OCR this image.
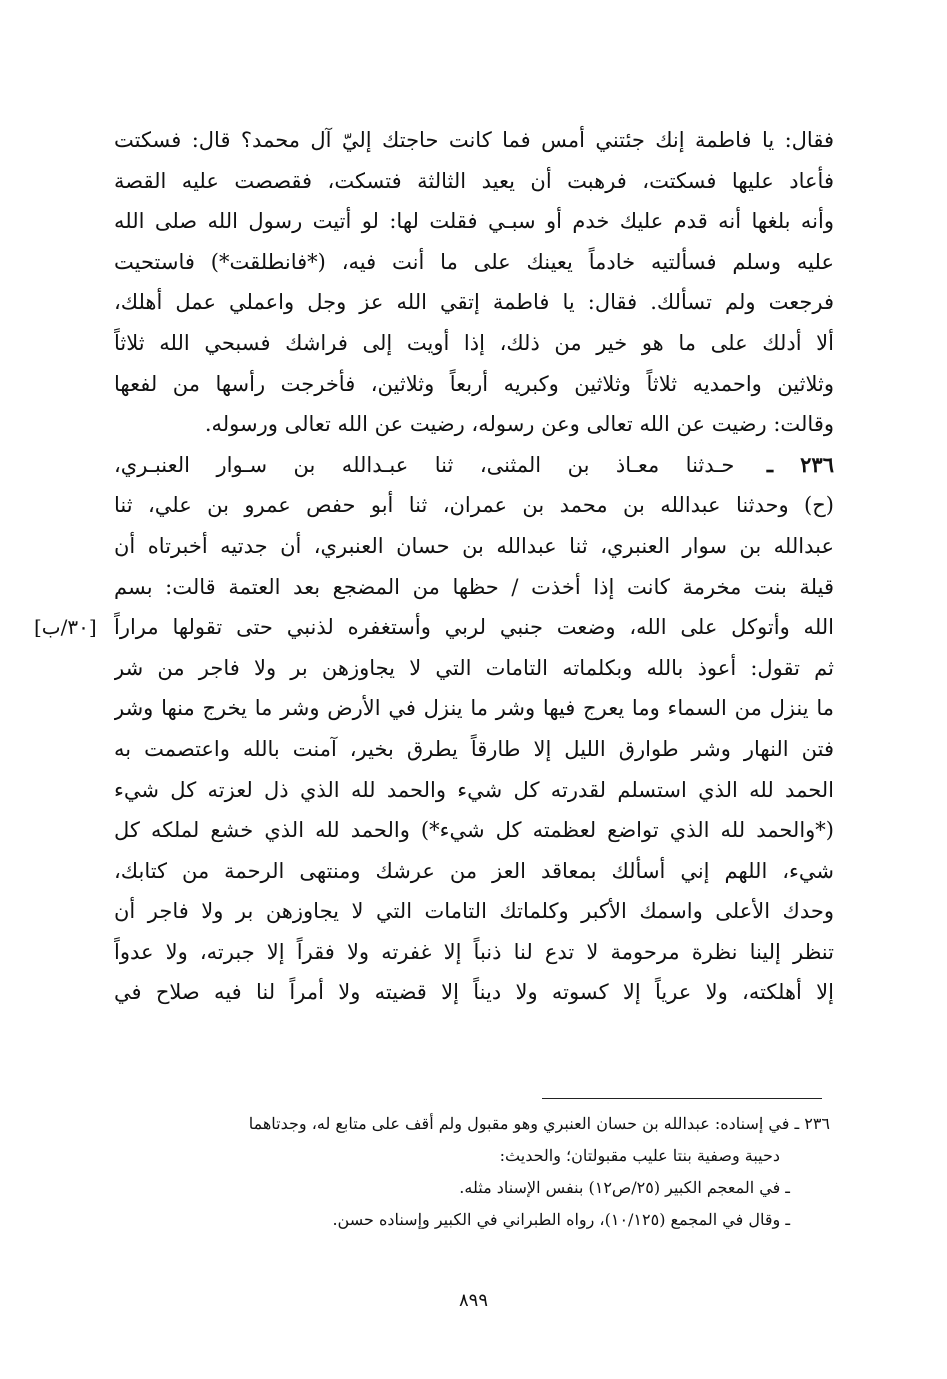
فقال: يا فاطمة إنك جئتني أمس فما كانت حاجتك إليّ آل محمد؟ قال: فسكتت
فأعاد عليها فسكتت، فرهبت أن يعيد الثالثة فتسكت، فقصصت عليه القصة
وأنه بلغها أنه قدم عليك خدم أو سبـي فقلت لها: لو أتيت رسول الله صلى الله
عليه وسلم فسألتيه خادماً يعينك على ما أنت فيه، (*فانطلقت*) فاستحيت
فرجعت ولم تسألك. فقال: يا فاطمة إتقي الله عز وجل واعملي عمل أهلك،
ألا أدلك على ما هو خير من ذلك، إذا أويت إلى فراشك فسبحي الله ثلاثاً
وثلاثين واحمديه ثلاثاً وثلاثين وكبريه أربعاً وثلاثين، فأخرجت رأسها من لفعها
وقالت: رضيت عن الله تعالى وعن رسوله، رضيت عن الله تعالى ورسوله.
٢٣٦ ـ حـدثنا معـاذ بن المثنى، ثنا عبـدالله بن سـوار العنبـري،
(ح) وحدثنا عبدالله بن محمد بن عمران، ثنا أبو حفص عمرو بن علي، ثنا
عبدالله بن سوار العنبري، ثنا عبدالله بن حسان العنبري، أن جدتيه أخبرتاه أن
قيلة بنت مخرمة كانت إذا أخذت / حظها من المضجع بعد العتمة قالت: بسم
الله وأتوكل على الله، وضعت جنبي لربي وأستغفره لذنبي حتى تقولها مراراً
ثم تقول: أعوذ بالله وبكلماته التامات التي لا يجاوزهن بر ولا فاجر من شر
ما ينزل من السماء وما يعرج فيها وشر ما ينزل في الأرض وشر ما يخرج منها وشر
فتن النهار وشر طوارق الليل إلا طارقاً يطرق بخير، آمنت بالله واعتصمت به
الحمد لله الذي استسلم لقدرته كل شيء والحمد لله الذي ذل لعزته كل شيء
(*والحمد لله الذي تواضع لعظمته كل شيء*) والحمد لله الذي خشع لملكه كل
شيء، اللهم إني أسألك بمعاقد العز من عرشك ومنتهى الرحمة من كتابك،
وحدك الأعلى واسمك الأكبر وكلماتك التامات التي لا يجاوزهن بر ولا فاجر أن
تنظر إلينا نظرة مرحومة لا تدع لنا ذنباً إلا غفرته ولا فقراً إلا جبرته، ولا عدواً
إلا أهلكته، ولا عرياً إلا كسوته ولا ديناً إلا قضيته ولا أمراً لنا فيه صلاح في
[٣٠/ب]
٢٣٦ ـ في إسناده: عبدالله بن حسان العنبري وهو مقبول ولم أقف على متابع له، وجدتاهما
دحيبة وصفية بنتا عليب مقبولتان؛ والحديث:
ـ في المعجم الكبير (٢٥/ص١٢) بنفس الإسناد مثله.
ـ وقال في المجمع (١٠/١٢٥)، رواه الطبراني في الكبير وإسناده حسن.
٨٩٩
